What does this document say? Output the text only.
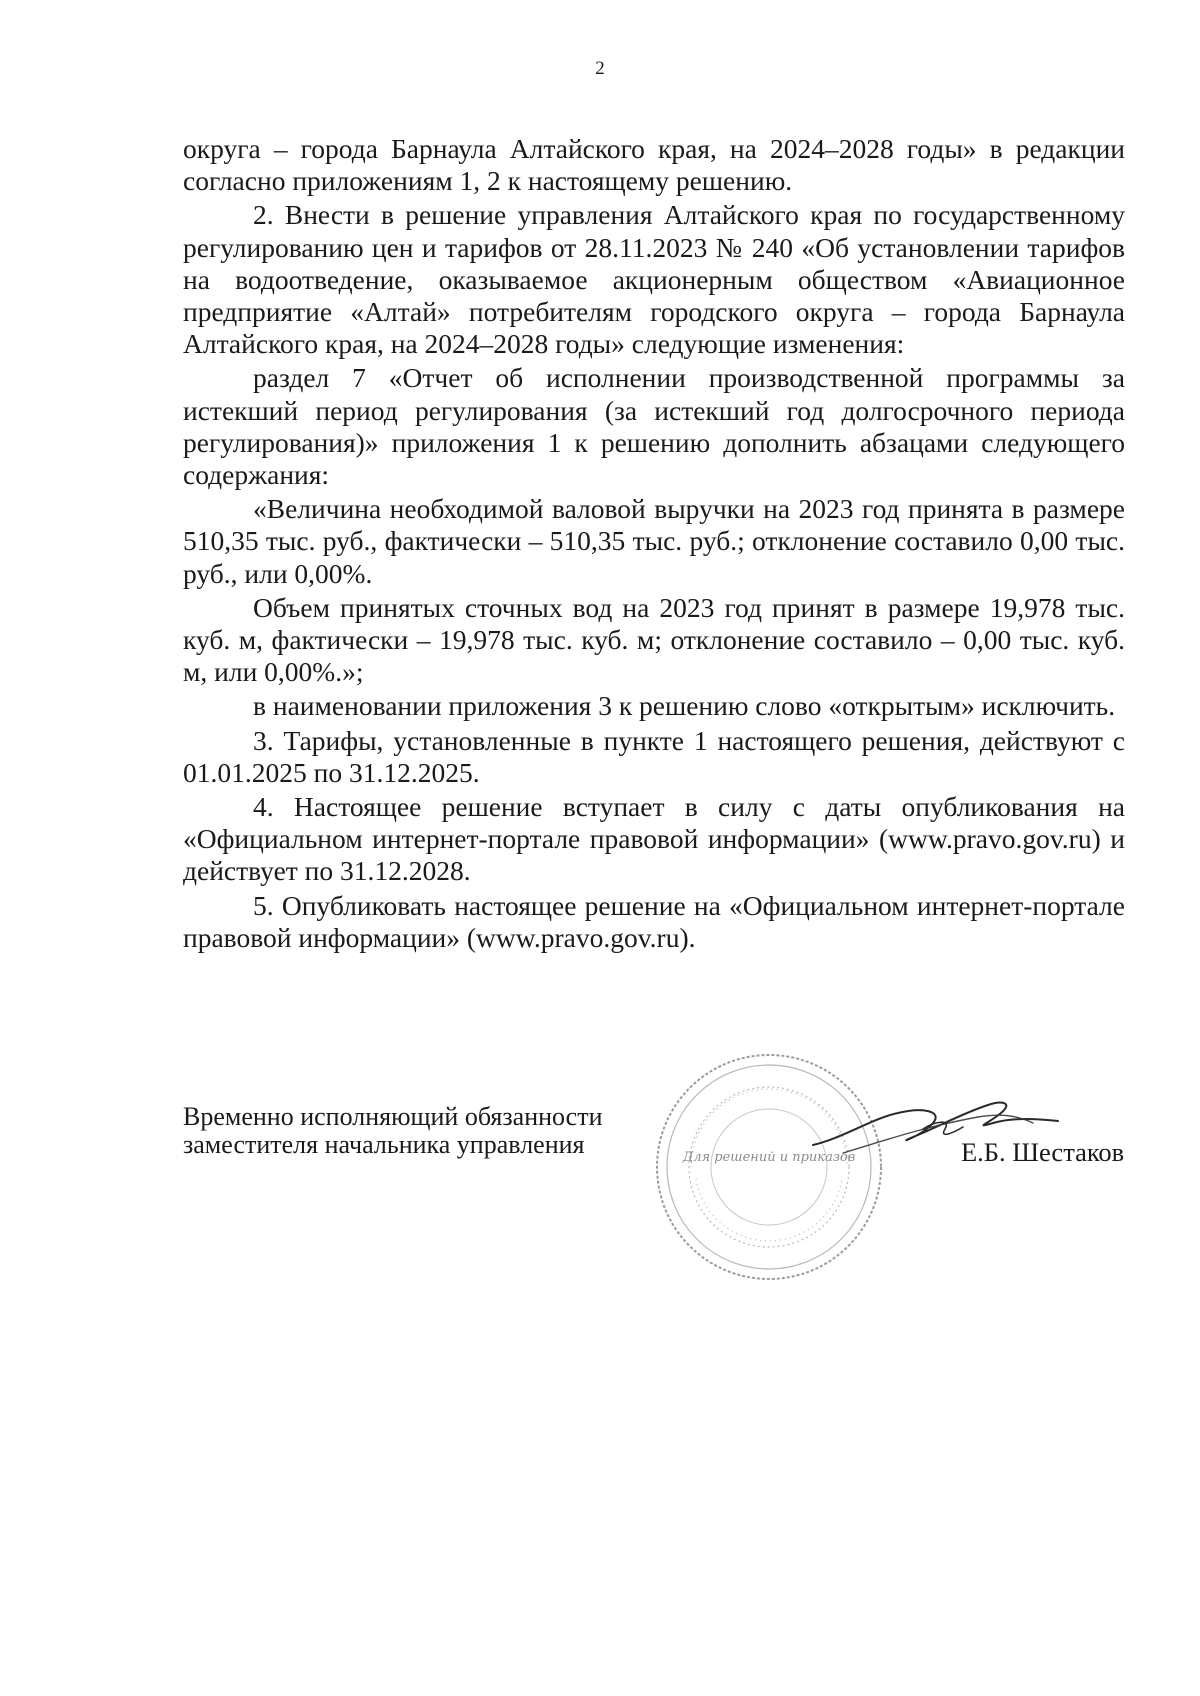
2

округа – города Барнаула Алтайского края, на 2024–2028 годы» в редакции согласно приложениям 1, 2 к настоящему решению.

2. Внести в решение управления Алтайского края по государственному регулированию цен и тарифов от 28.11.2023 № 240 «Об установлении тарифов на водоотведение, оказываемое акционерным обществом «Авиационное предприятие «Алтай» потребителям городского округа – города Барнаула Алтайского края, на 2024–2028 годы» следующие изменения:

раздел 7 «Отчет об исполнении производственной программы за истекший период регулирования (за истекший год долгосрочного периода регулирования)» приложения 1 к решению дополнить абзацами следующего содержания:

«Величина необходимой валовой выручки на 2023 год принята в размере 510,35 тыс. руб., фактически – 510,35 тыс. руб.; отклонение составило 0,00 тыс. руб., или 0,00%.

Объем принятых сточных вод на 2023 год принят в размере 19,978 тыс. куб. м, фактически – 19,978 тыс. куб. м; отклонение составило – 0,00 тыс. куб. м, или 0,00%.»;

в наименовании приложения 3 к решению слово «открытым» исключить.

3. Тарифы, установленные в пункте 1 настоящего решения, действуют с 01.01.2025 по 31.12.2025.

4. Настоящее решение вступает в силу с даты опубликования на «Официальном интернет-портале правовой информации» (www.pravo.gov.ru) и действует по 31.12.2028.

5. Опубликовать настоящее решение на «Официальном интернет-портале правовой информации» (www.pravo.gov.ru).

Временно исполняющий обязанности
заместителя начальника управления	Для решений и приказов	Е.Б. Шестаков
